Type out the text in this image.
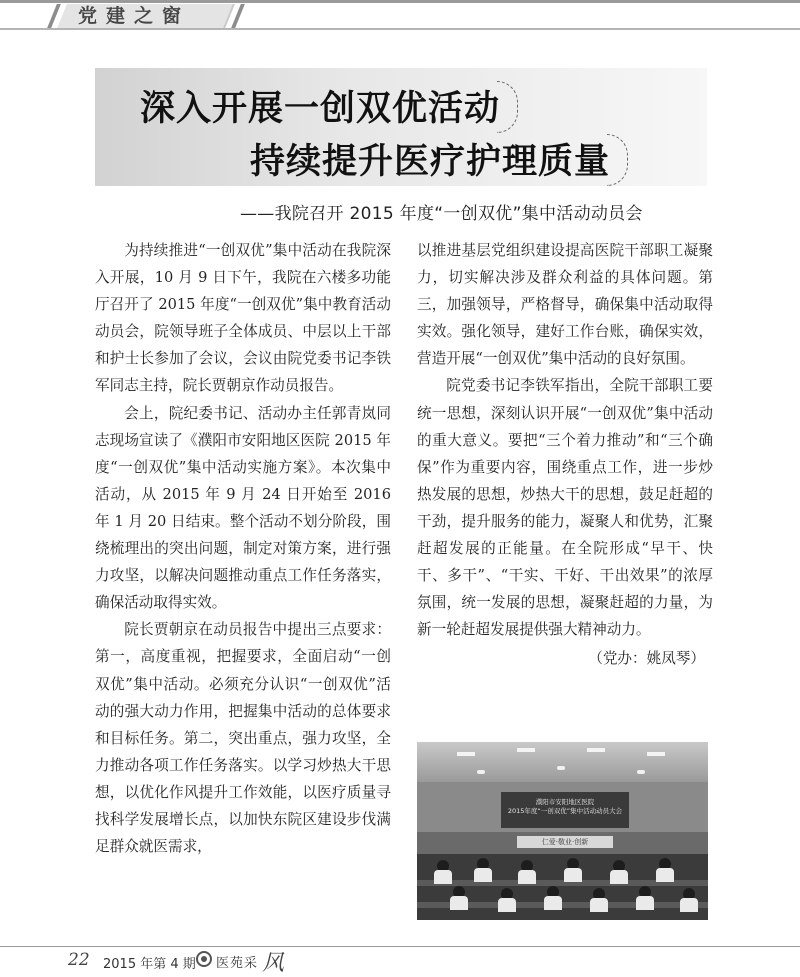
党建之窗
深入开展一创双优活动
持续提升医疗护理质量
——我院召开 2015 年度“一创双优”集中活动动员会

为持续推进“一创双优”集中活动在我院深入开展，10 月 9 日下午，我院在六楼多功能厅召开了 2015 年度“一创双优”集中教育活动动员会，院领导班子全体成员、中层以上干部和护士长参加了会议，会议由院党委书记李铁军同志主持，院长贾朝京作动员报告。

会上，院纪委书记、活动办主任郭青岚同志现场宣读了《濮阳市安阳地区医院 2015 年度“一创双优”集中活动实施方案》。本次集中活动，从 2015 年 9 月 24 日开始至 2016 年 1 月 20 日结束。整个活动不划分阶段，围绕梳理出的突出问题，制定对策方案，进行强力攻坚，以解决问题推动重点工作任务落实，确保活动取得实效。

院长贾朝京在动员报告中提出三点要求：第一，高度重视，把握要求，全面启动“一创双优”集中活动。必须充分认识“一创双优”活动的强大动力作用，把握集中活动的总体要求和目标任务。第二，突出重点，强力攻坚，全力推动各项工作任务落实。以学习炒热大干思想，以优化作风提升工作效能，以医疗质量寻找科学发展增长点，以加快东院区建设步伐满足群众就医需求，

以推进基层党组织建设提高医院干部职工凝聚力，切实解决涉及群众利益的具体问题。第三，加强领导，严格督导，确保集中活动取得实效。强化领导，建好工作台账，确保实效，营造开展“一创双优”集中活动的良好氛围。

院党委书记李铁军指出，全院干部职工要统一思想，深刻认识开展“一创双优”集中活动的重大意义。要把“三个着力推动”和“三个确保”作为重要内容，围绕重点工作，进一步炒热发展的思想，炒热大干的思想，鼓足赶超的干劲，提升服务的能力，凝聚人和优势，汇聚赶超发展的正能量。在全院形成“早干、快干、多干”、“干实、干好、干出效果”的浓厚氛围，统一发展的思想，凝聚赶超的力量，为新一轮赶超发展提供强大精神动力。

（党办：姚凤琴）

濮阳市安阳地区医院
2015年度“一创双优”集中活动动员大会
仁爱·敬业·创新
22 2015 年第 4 期 医苑采 风
